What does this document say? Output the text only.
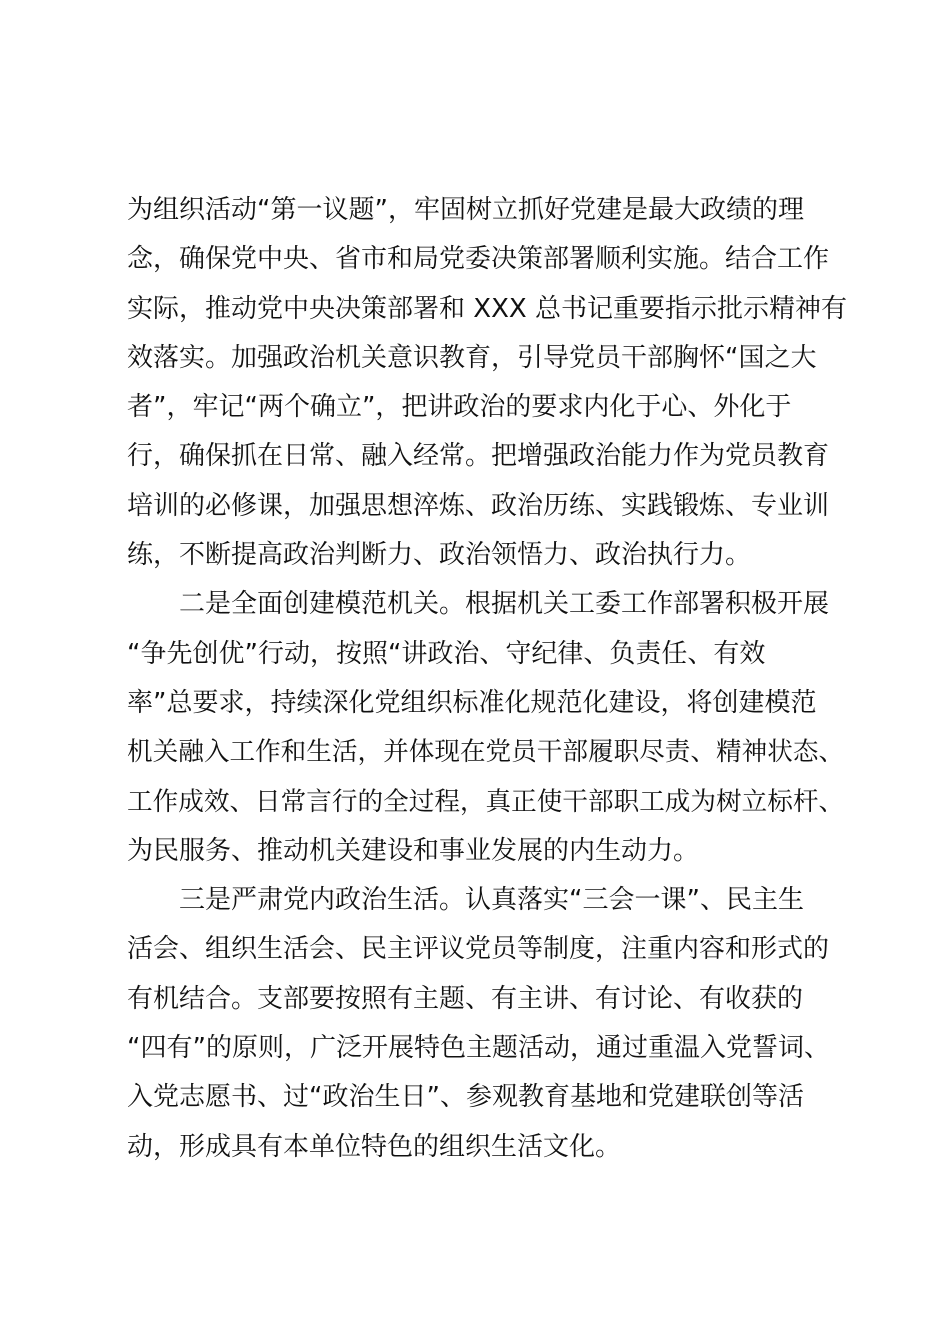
为组织活动“第一议题”，牢固树立抓好党建是最大政绩的理
念，确保党中央、省市和局党委决策部署顺利实施。结合工作
实际，推动党中央决策部署和 XXX 总书记重要指示批示精神有
效落实。加强政治机关意识教育，引导党员干部胸怀“国之大
者”，牢记“两个确立”，把讲政治的要求内化于心、外化于
行，确保抓在日常、融入经常。把增强政治能力作为党员教育
培训的必修课，加强思想淬炼、政治历练、实践锻炼、专业训
练，不断提高政治判断力、政治领悟力、政治执行力。
二是全面创建模范机关。根据机关工委工作部署积极开展
“争先创优”行动，按照“讲政治、守纪律、负责任、有效
率”总要求，持续深化党组织标准化规范化建设，将创建模范
机关融入工作和生活，并体现在党员干部履职尽责、精神状态、
工作成效、日常言行的全过程，真正使干部职工成为树立标杆、
为民服务、推动机关建设和事业发展的内生动力。
三是严肃党内政治生活。认真落实“三会一课”、民主生
活会、组织生活会、民主评议党员等制度，注重内容和形式的
有机结合。支部要按照有主题、有主讲、有讨论、有收获的
“四有”的原则，广泛开展特色主题活动，通过重温入党誓词、
入党志愿书、过“政治生日”、参观教育基地和党建联创等活
动，形成具有本单位特色的组织生活文化。
